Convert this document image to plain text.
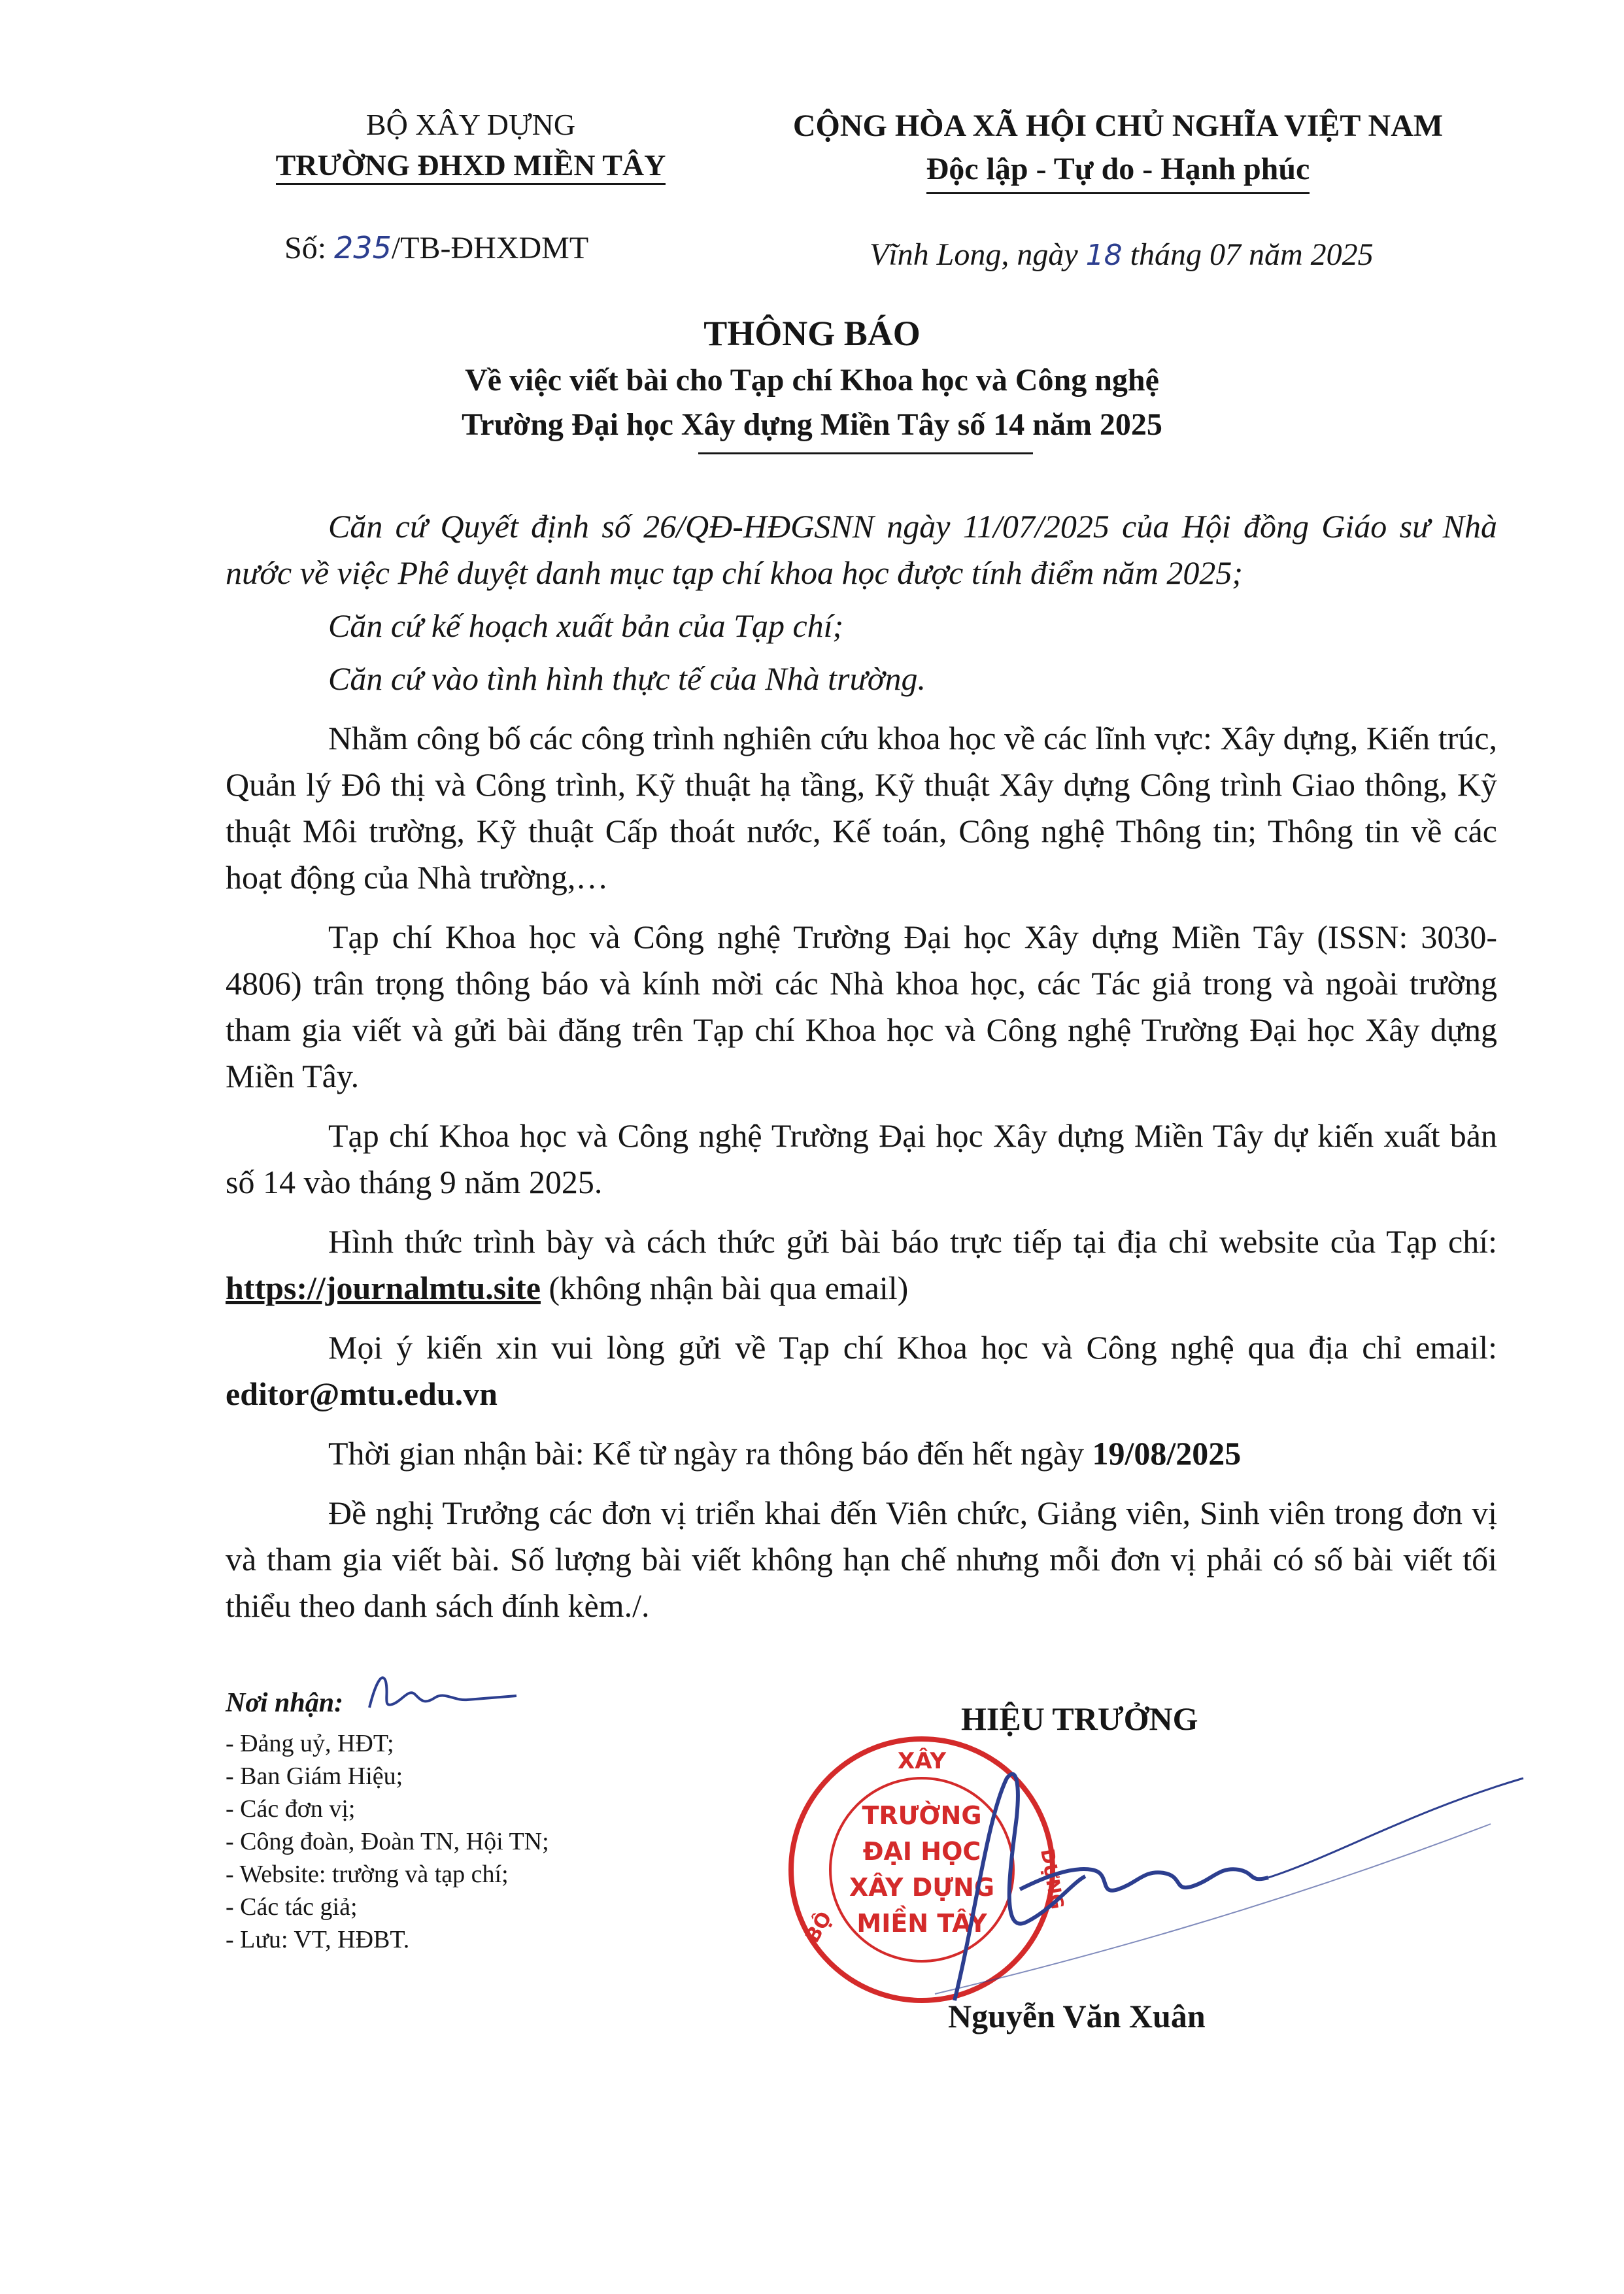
BỘ XÂY DỰNG
TRƯỜNG ĐHXD MIỀN TÂY
CỘNG HÒA XÃ HỘI CHỦ NGHĨA VIỆT NAM
Độc lập - Tự do - Hạnh phúc
Số: 235/TB-ĐHXDMT	Vĩnh Long, ngày 18 tháng 07 năm 2025
THÔNG BÁO
Về việc viết bài cho Tạp chí Khoa học và Công nghệ
Trường Đại học Xây dựng Miền Tây số 14 năm 2025

Căn cứ Quyết định số 26/QĐ-HĐGSNN ngày 11/07/2025 của Hội đồng Giáo sư Nhà nước về việc Phê duyệt danh mục tạp chí khoa học được tính điểm năm 2025;

Căn cứ kế hoạch xuất bản của Tạp chí;

Căn cứ vào tình hình thực tế của Nhà trường.

Nhằm công bố các công trình nghiên cứu khoa học về các lĩnh vực: Xây dựng, Kiến trúc, Quản lý Đô thị và Công trình, Kỹ thuật hạ tầng, Kỹ thuật Xây dựng Công trình Giao thông, Kỹ thuật Môi trường, Kỹ thuật Cấp thoát nước, Kế toán, Công nghệ Thông tin; Thông tin về các hoạt động của Nhà trường,…

Tạp chí Khoa học và Công nghệ Trường Đại học Xây dựng Miền Tây (ISSN: 3030-4806) trân trọng thông báo và kính mời các Nhà khoa học, các Tác giả trong và ngoài trường tham gia viết và gửi bài đăng trên Tạp chí Khoa học và Công nghệ Trường Đại học Xây dựng Miền Tây.

Tạp chí Khoa học và Công nghệ Trường Đại học Xây dựng Miền Tây dự kiến xuất bản số 14 vào tháng 9 năm 2025.

Hình thức trình bày và cách thức gửi bài báo trực tiếp tại địa chỉ website của Tạp chí: https://journalmtu.site (không nhận bài qua email)

Mọi ý kiến xin vui lòng gửi về Tạp chí Khoa học và Công nghệ qua địa chỉ email: editor@mtu.edu.vn

Thời gian nhận bài: Kể từ ngày ra thông báo đến hết ngày 19/08/2025

Đề nghị Trưởng các đơn vị triển khai đến Viên chức, Giảng viên, Sinh viên trong đơn vị và tham gia viết bài. Số lượng bài viết không hạn chế nhưng mỗi đơn vị phải có số bài viết tối thiểu theo danh sách đính kèm./.

Nơi nhận:
- Đảng uỷ, HĐT;
- Ban Giám Hiệu;
- Các đơn vị;
- Công đoàn, Đoàn TN, Hội TN;
- Website: trường và tạp chí;
- Các tác giả;
- Lưu: VT, HĐBT.
HIỆU TRƯỞNG
XÂY
BỘ
DỰNG
TRƯỜNG
ĐẠI HỌC
XÂY DỰNG
MIỀN TÂY
Nguyễn Văn Xuân
